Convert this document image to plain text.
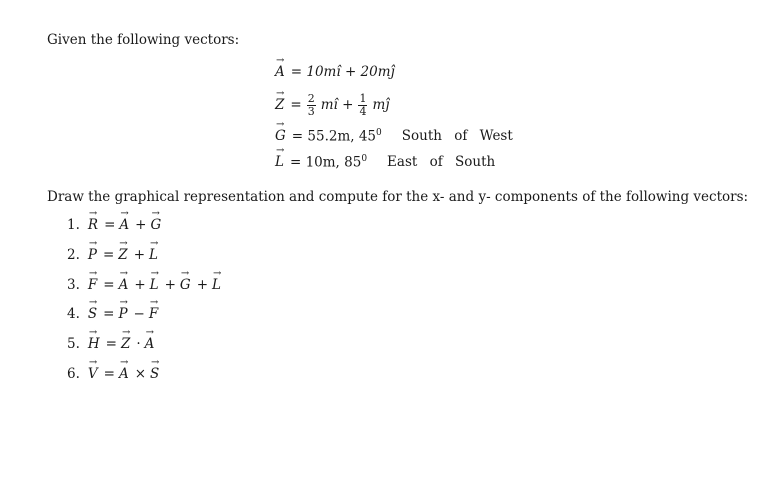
Given the following vectors:
→ A = 10mî + 20mĵ
→ $Z = \frac{2}{3}$ mî + $\frac{1}{4}$ mĵ
→ G = 55.2m, $45^0$ South of West
→ L = 10m, $85^0$ East of South
Draw the graphical representation and compute for the x- and y- components of the following vectors:
1. → R = → A + → G
2. → P = → Z + → L
3. → F = → A + → L + → G + → L
4. → S = → P − → F
5. → H = → Z · → A
6. → V = → A × → S
